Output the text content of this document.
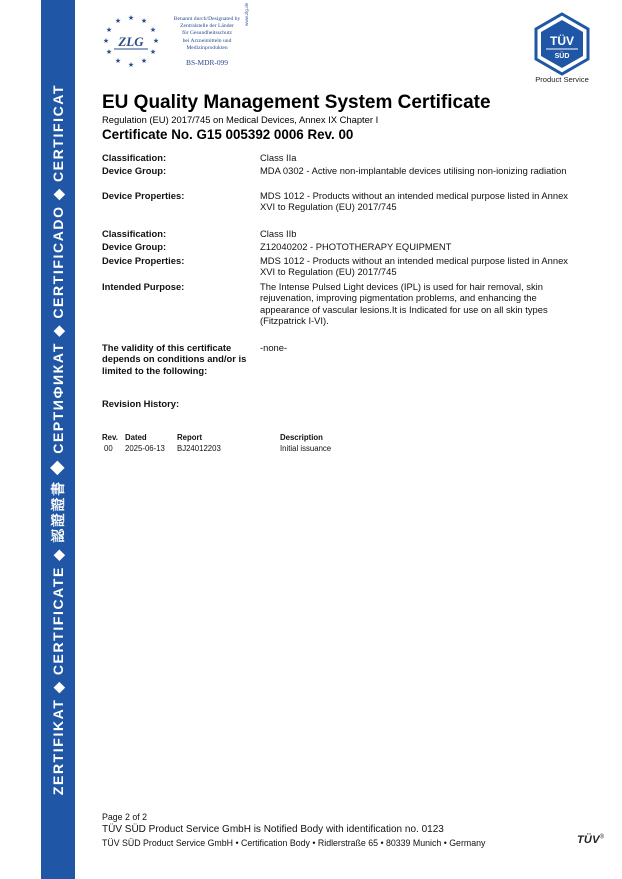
ZERTIFIKAT ◆ CERTIFICATE ◆ 認證證書 ◆ СЕРТИФИКАТ ◆ CERTIFICADO ◆ CERTIFICAT
★ ★
★
★
★
★
★
★
★
★
★ ★
ZLG
Benannt durch/Designated by
Zentralstelle der Länder
für Gesundheitsschutz
bei Arzneimitteln und
Medizinprodukten
BS-MDR-099
www.zlg.de
TÜV
SÜD
Product Service
EU Quality Management System Certificate
Regulation (EU) 2017/745 on Medical Devices, Annex IX Chapter I
Certificate No. G15 005392 0006 Rev. 00
Classification:	Class IIa
Device Group:	MDA 0302 - Active non-implantable devices utilising non-ionizing radiation
Device Properties:	MDS 1012 - Products without an intended medical purpose listed in Annex XVI to Regulation (EU) 2017/745
Classification:	Class IIb
Device Group:	Z12040202 - PHOTOTHERAPY EQUIPMENT
Device Properties:	MDS 1012 - Products without an intended medical purpose listed in Annex XVI to Regulation (EU) 2017/745
Intended Purpose:	The Intense Pulsed Light devices (IPL) is used for hair removal, skin rejuvenation, improving pigmentation problems, and enhancing the appearance of vascular lesions.It is Indicated for use on all skin types (Fitzpatrick I-VI).
The validity of this certificate depends on conditions and/or is limited to the following:
-none-
Revision History:
Rev. Dated	Report	Description
00 2025-06-13 BJ24012203	Initial issuance
Page 2 of 2
TÜV SÜD Product Service GmbH is Notified Body with identification no. 0123
TÜV SÜD Product Service GmbH • Certification Body • Ridlerstraße 65 • 80339 Munich • Germany	TÜV®
